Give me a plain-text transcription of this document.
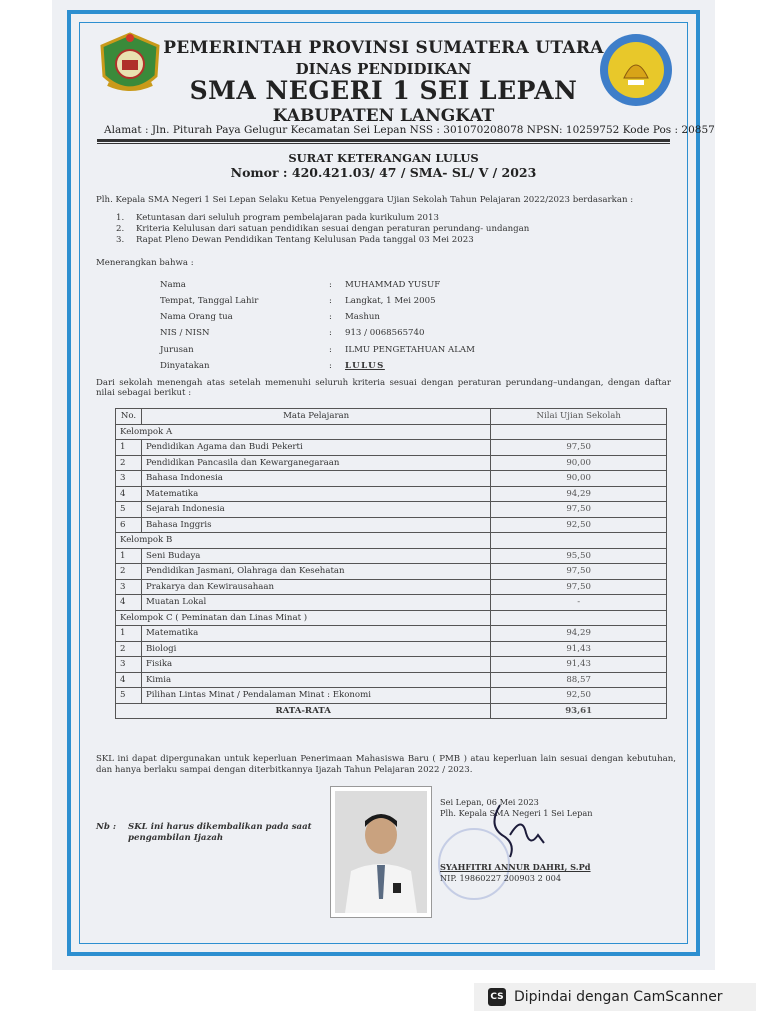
PEMERINTAH PROVINSI SUMATERA UTARA
DINAS PENDIDIKAN
SMA NEGERI 1 SEI LEPAN
KABUPATEN LANGKAT
Alamat : Jln. Piturah Paya Gelugur Kecamatan Sei Lepan NSS : 301070208078 NPSN: 10259752 Kode Pos : 20857
SURAT KETERANGAN LULUS
Nomor : 420.421.03/ 47 / SMA- SL/ V / 2023
Plh. Kepala SMA Negeri 1 Sei Lepan Selaku Ketua Penyelenggara Ujian Sekolah Tahun Pelajaran 2022/2023 berdasarkan :
1. Ketuntasan dari seluluh program pembelajaran pada kurikulum 2013
2. Kriteria Kelulusan dari satuan pendidikan sesuai dengan peraturan perundang- undangan
3. Rapat Pleno Dewan Pendidikan Tentang Kelulusan Pada tanggal 03 Mei 2023
Menerangkan bahwa :
Nama	: MUHAMMAD YUSUF
Tempat, Tanggal Lahir	: Langkat, 1 Mei 2005
Nama Orang tua	: Mashun
NIS / NISN	: 913 / 0068565740
Jurusan	: ILMU PENGETAHUAN ALAM
Dinyatakan	: LULUS
Dari sekolah menengah atas setelah memenuhi seluruh kriteria sesuai dengan peraturan perundang–undangan, dengan daftar nilai sebagai berikut :
No.	Mata Pelajaran	Nilai Ujian Sekolah
Kelompok A		
1	Pendidikan Agama dan Budi Pekerti	97,50
2	Pendidikan Pancasila dan Kewarganegaraan	90,00
3	Bahasa Indonesia	90,00
4	Matematika	94,29
5	Sejarah Indonesia	97,50
6	Bahasa Inggris	92,50
Kelompok B		
1	Seni Budaya	95,50
2	Pendidikan Jasmani, Olahraga dan Kesehatan	97,50
3	Prakarya dan Kewirausahaan	97,50
4	Muatan Lokal	-
Kelompok C ( Peminatan dan Linas Minat )		
1	Matematika	94,29
2	Biologi	91,43
3	Fisika	91,43
4	Kimia	88,57
5	Pilihan Lintas Minat / Pendalaman Minat : Ekonomi	92,50
RATA-RATA		93,61
SKL ini dapat dipergunakan untuk keperluan Penerimaan Mahasiswa Baru ( PMB ) atau keperluan lain sesuai dengan kebutuhan, dan hanya berlaku sampai dengan diterbitkannya Ijazah Tahun Pelajaran 2022 / 2023.
Nb : SKL ini harus dikembalikan pada saat pengambilan Ijazah
Sei Lepan, 06 Mei 2023
Plh. Kepala SMA Negeri 1 Sei Lepan
SYAHFITRI ANNUR DAHRI, S.Pd
NIP. 19860227 200903 2 004
CS Dipindai dengan CamScanner
